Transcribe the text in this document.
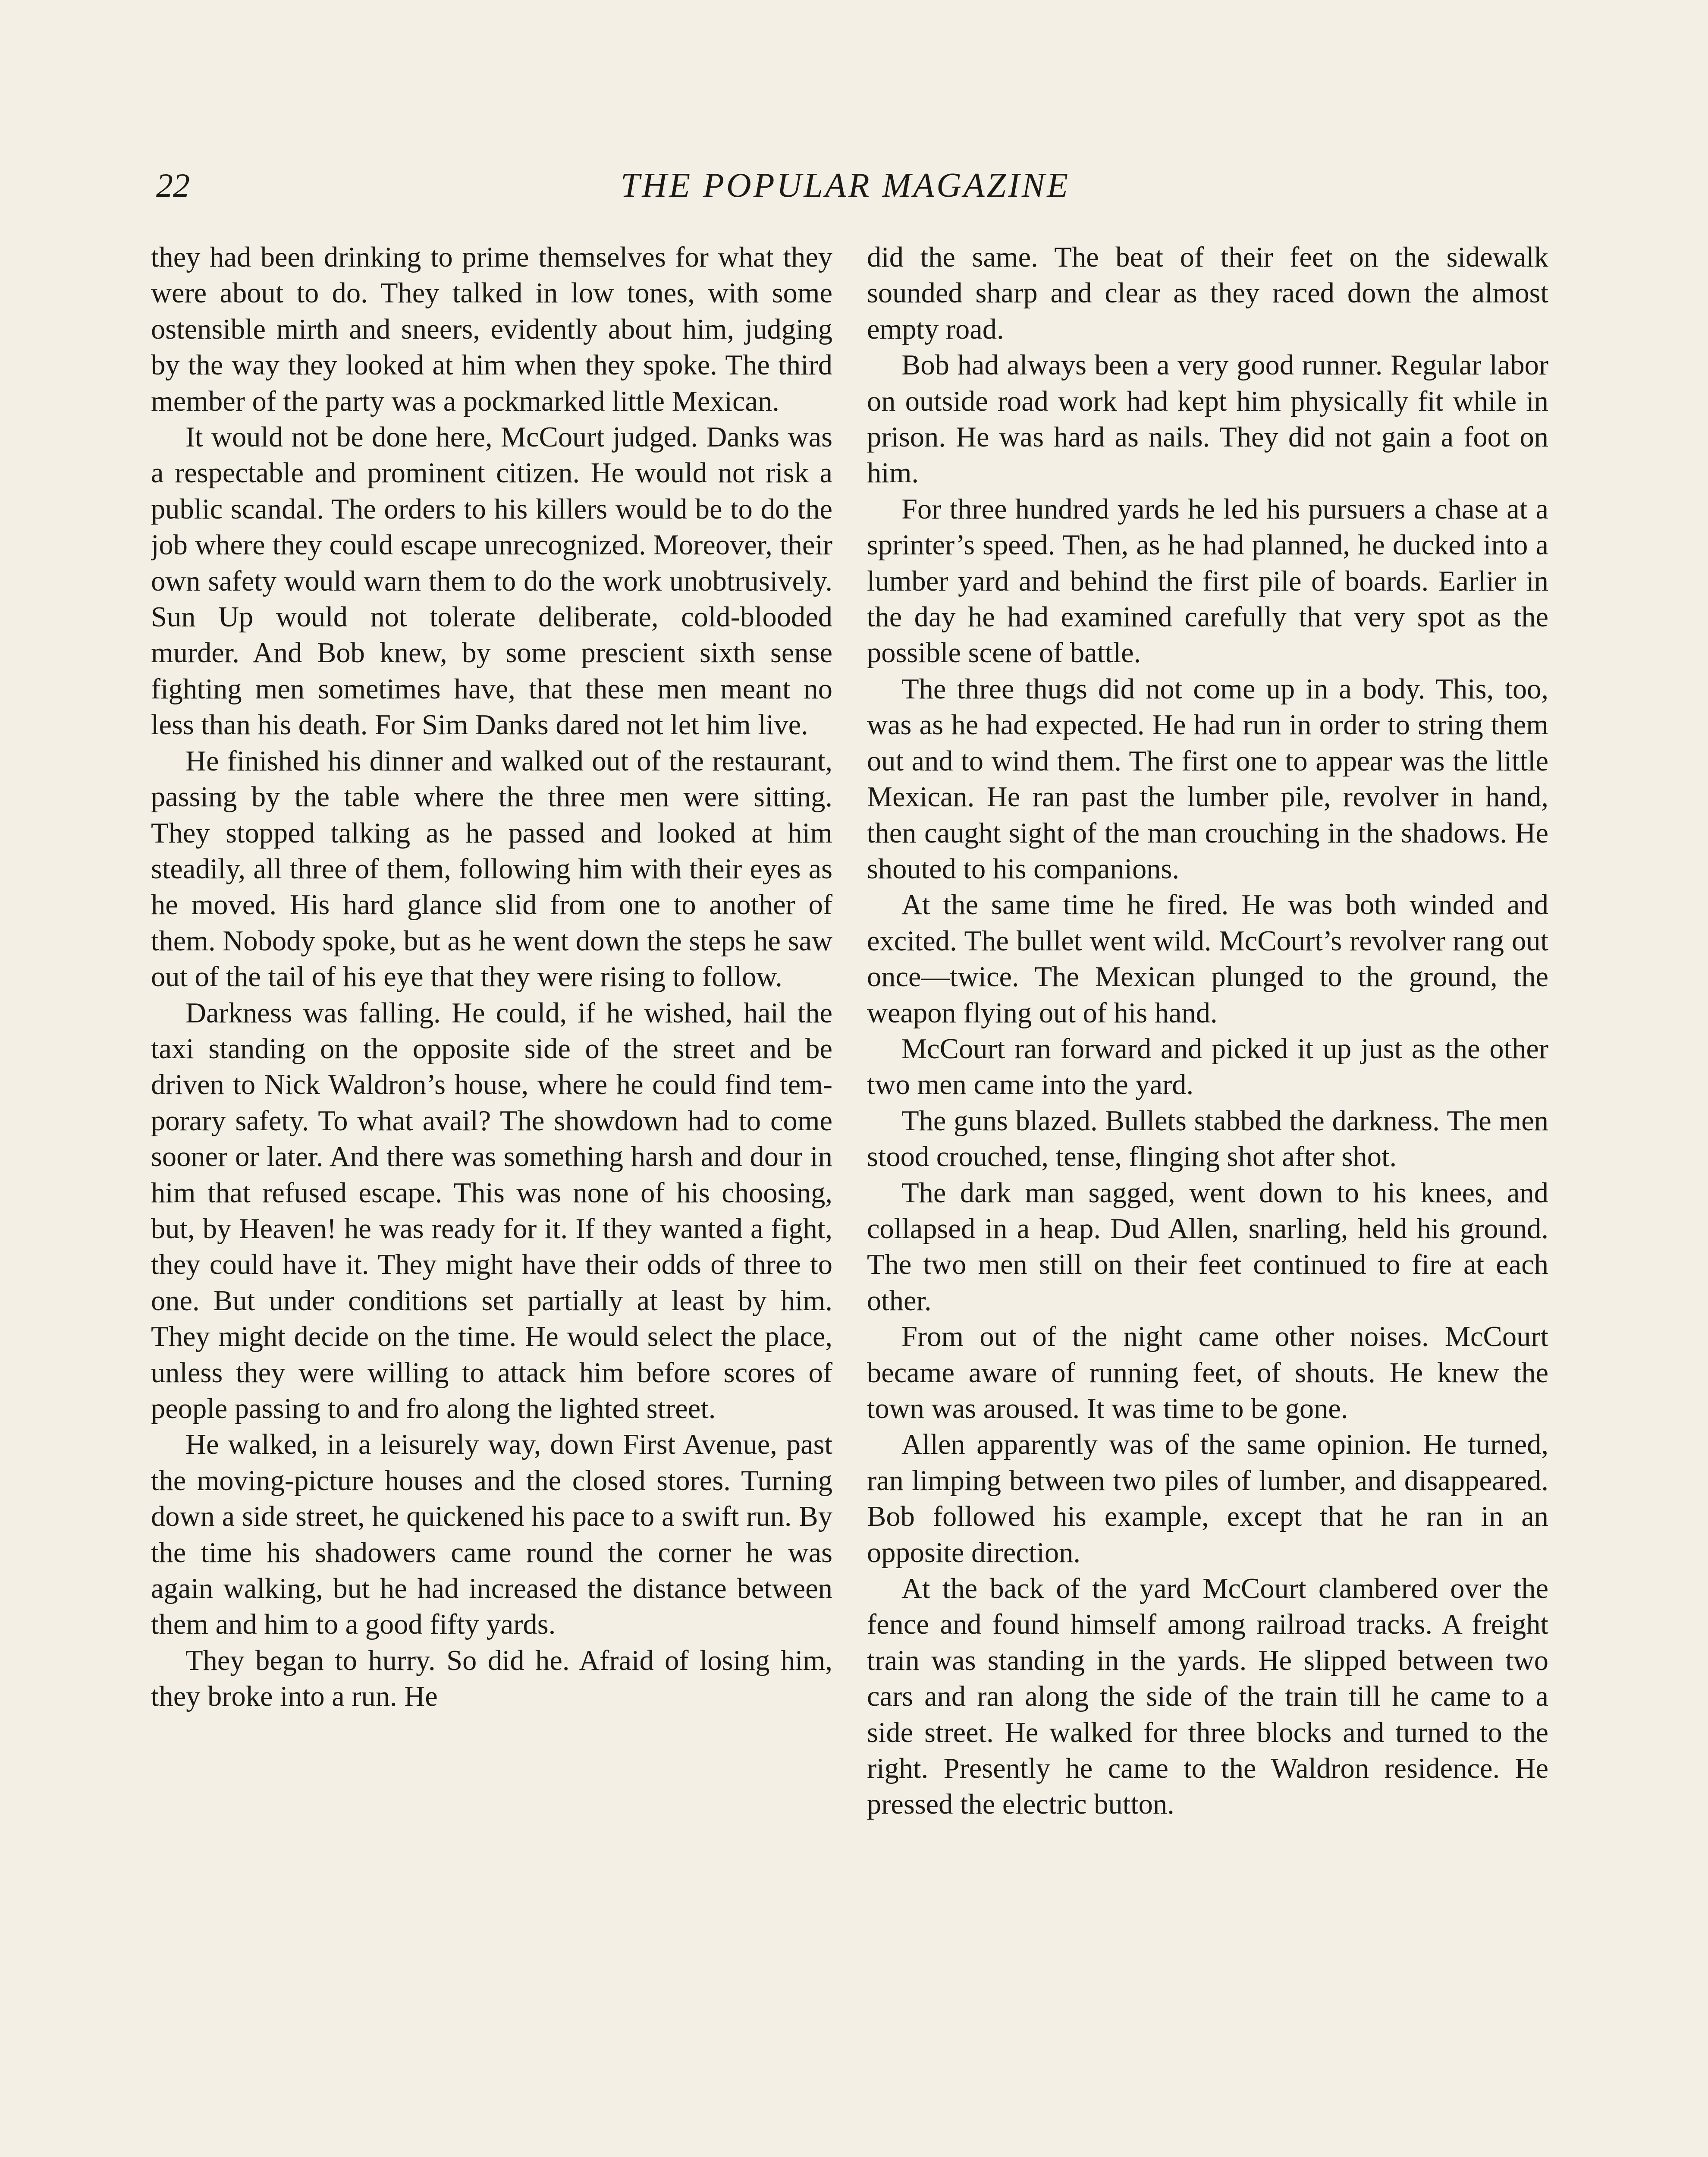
22	THE POPULAR MAGAZINE

they had been drinking to prime themselves for what they were about to do. They talked in low tones, with some ostensible mirth and sneers, evidently about him, judging by the way they looked at him when they spoke. The third member of the party was a pockmarked little Mexican.

It would not be done here, McCourt judged. Danks was a respectable and prominent citizen. He would not risk a public scandal. The orders to his killers would be to do the job where they could escape unrecognized. Moreover, their own safety would warn them to do the work unobtrusively. Sun Up would not tolerate deliberate, cold-blooded murder. And Bob knew, by some prescient sixth sense fighting men sometimes have, that these men meant no less than his death. For Sim Danks dared not let him live.

He finished his dinner and walked out of the restaurant, passing by the table where the three men were sitting. They stopped talking as he passed and looked at him steadily, all three of them, following him with their eyes as he moved. His hard glance slid from one to another of them. Nobody spoke, but as he went down the steps he saw out of the tail of his eye that they were rising to follow.

Darkness was falling. He could, if he wished, hail the taxi standing on the opposite side of the street and be driven to Nick Waldron’s house, where he could find temporary safety. To what avail? The showdown had to come sooner or later. And there was something harsh and dour in him that refused escape. This was none of his choosing, but, by Heaven! he was ready for it. If they wanted a fight, they could have it. They might have their odds of three to one. But under conditions set partially at least by him. They might decide on the time. He would select the place, unless they were willing to attack him before scores of people passing to and fro along the lighted street.

He walked, in a leisurely way, down First Avenue, past the moving-picture houses and the closed stores. Turning down a side street, he quickened his pace to a swift run. By the time his shadowers came round the corner he was again walking, but he had increased the distance between them and him to a good fifty yards.

They began to hurry. So did he. Afraid of losing him, they broke into a run. He

did the same. The beat of their feet on the sidewalk sounded sharp and clear as they raced down the almost empty road.

Bob had always been a very good runner. Regular labor on outside road work had kept him physically fit while in prison. He was hard as nails. They did not gain a foot on him.

For three hundred yards he led his pursuers a chase at a sprinter’s speed. Then, as he had planned, he ducked into a lumber yard and behind the first pile of boards. Earlier in the day he had examined carefully that very spot as the possible scene of battle.

The three thugs did not come up in a body. This, too, was as he had expected. He had run in order to string them out and to wind them. The first one to appear was the little Mexican. He ran past the lumber pile, revolver in hand, then caught sight of the man crouching in the shadows. He shouted to his companions.

At the same time he fired. He was both winded and excited. The bullet went wild. McCourt’s revolver rang out once—twice. The Mexican plunged to the ground, the weapon flying out of his hand.

McCourt ran forward and picked it up just as the other two men came into the yard.

The guns blazed. Bullets stabbed the darkness. The men stood crouched, tense, flinging shot after shot.

The dark man sagged, went down to his knees, and collapsed in a heap. Dud Allen, snarling, held his ground. The two men still on their feet continued to fire at each other.

From out of the night came other noises. McCourt became aware of running feet, of shouts. He knew the town was aroused. It was time to be gone.

Allen apparently was of the same opinion. He turned, ran limping between two piles of lumber, and disappeared. Bob followed his example, except that he ran in an opposite direction.

At the back of the yard McCourt clambered over the fence and found himself among railroad tracks. A freight train was standing in the yards. He slipped between two cars and ran along the side of the train till he came to a side street. He walked for three blocks and turned to the right. Presently he came to the Waldron residence. He pressed the electric button.
